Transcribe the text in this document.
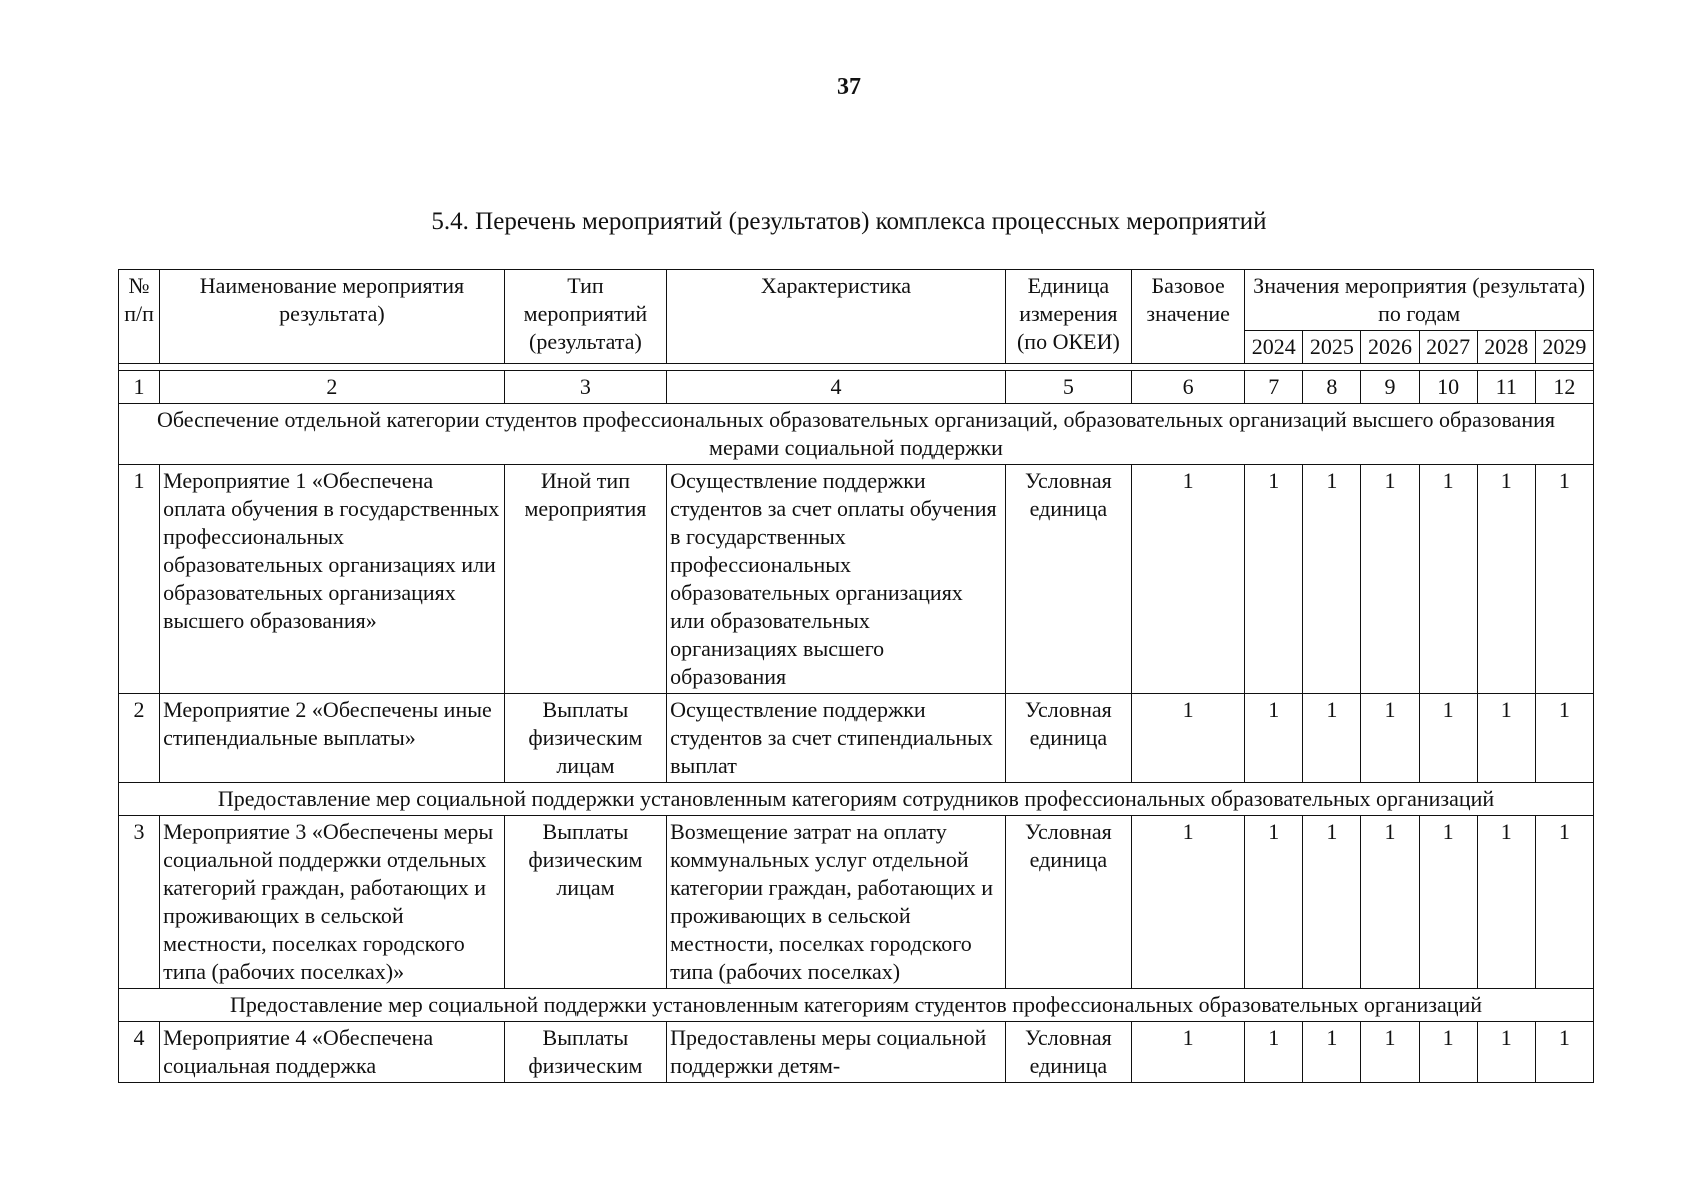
37
5.4. Перечень мероприятий (результатов) комплекса процессных мероприятий
№ п/п	Наименование мероприятия результата)	Тип мероприятий (результата)	Характеристика	Единица измерения (по ОКЕИ)	Базовое значение	Значения мероприятия (результата) по годам					
						2024	2025	2026	2027	2028	2029

1	2	3	4	5	6	7	8	9	10	11	12
Обеспечение отдельной категории студентов профессиональных образовательных организаций, образовательных организаций высшего образования мерами социальной поддержки											
1	Мероприятие 1 «Обеспечена оплата обучения в государственных профессиональных образовательных организациях или образовательных организациях высшего образования»	Иной тип мероприятия	Осуществление поддержки студентов за счет оплаты обучения в государственных профессиональных образовательных организациях или образовательных организациях высшего образования	Условная единица	1	1	1	1	1	1	1
2	Мероприятие 2 «Обеспечены иные стипендиальные выплаты»	Выплаты физическим лицам	Осуществление поддержки студентов за счет стипендиальных выплат	Условная единица	1	1	1	1	1	1	1
Предоставление мер социальной поддержки установленным категориям сотрудников профессиональных образовательных организаций											
3	Мероприятие 3 «Обеспечены меры социальной поддержки отдельных категорий граждан, работающих и проживающих в сельской местности, поселках городского типа (рабочих поселках)»	Выплаты физическим лицам	Возмещение затрат на оплату коммунальных услуг отдельной категории граждан, работающих и проживающих в сельской местности, поселках городского типа (рабочих поселках)	Условная единица	1	1	1	1	1	1	1
Предоставление мер социальной поддержки установленным категориям студентов профессиональных образовательных организаций											
4	Мероприятие 4 «Обеспечена социальная поддержка	Выплаты физическим	Предоставлены меры социальной поддержки детям-	Условная единица	1	1	1	1	1	1	1
